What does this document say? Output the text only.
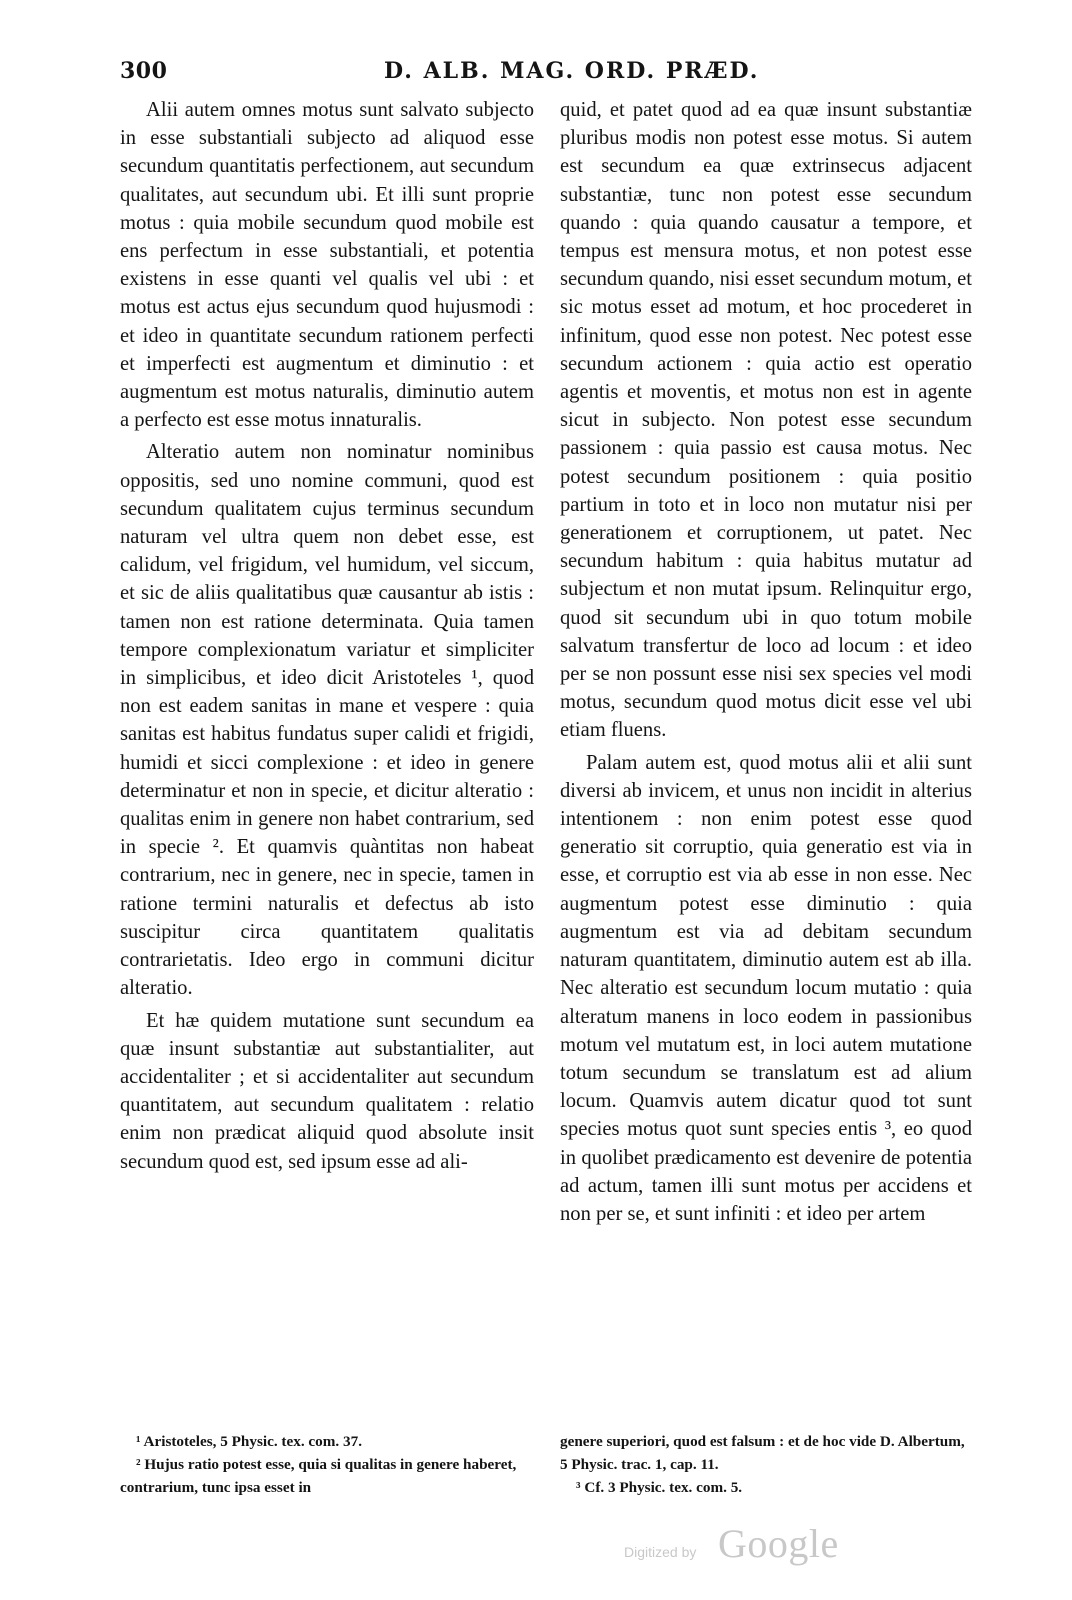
300	D. ALB. MAG. ORD. PRÆD.

Alii autem omnes motus sunt salvato subjecto in esse substantiali subjecto ad aliquod esse secundum quantitatis perfectionem, aut secundum qualitates, aut secundum ubi. Et illi sunt proprie motus : quia mobile secundum quod mobile est ens perfectum in esse substantiali, et potentia existens in esse quanti vel qualis vel ubi : et motus est actus ejus secundum quod hujusmodi : et ideo in quantitate secundum rationem perfecti et imperfecti est augmentum et diminutio : et augmentum est motus naturalis, diminutio autem a perfecto est esse motus innaturalis.

Alteratio autem non nominatur nominibus oppositis, sed uno nomine communi, quod est secundum qualitatem cujus terminus secundum naturam vel ultra quem non debet esse, est calidum, vel frigidum, vel humidum, vel siccum, et sic de aliis qualitatibus quæ causantur ab istis : tamen non est ratione determinata. Quia tamen tempore complexionatum variatur et simpliciter in simplicibus, et ideo dicit Aristoteles ¹, quod non est eadem sanitas in mane et vespere : quia sanitas est habitus fundatus super calidi et frigidi, humidi et sicci complexione : et ideo in genere determinatur et non in specie, et dicitur alteratio : qualitas enim in genere non habet contrarium, sed in specie ². Et quamvis quàntitas non habeat contrarium, nec in genere, nec in specie, tamen in ratione termini naturalis et defectus ab isto suscipitur circa quantitatem qualitatis contrarietatis. Ideo ergo in communi dicitur alteratio.

Et hæ quidem mutatione sunt secundum ea quæ insunt substantiæ aut substantialiter, aut accidentaliter ; et si accidentaliter aut secundum quantitatem, aut secundum qualitatem : relatio enim non prædicat aliquid quod absolute insit secundum quod est, sed ipsum esse ad ali-

quid, et patet quod ad ea quæ insunt substantiæ pluribus modis non potest esse motus. Si autem est secundum ea quæ extrinsecus adjacent substantiæ, tunc non potest esse secundum quando : quia quando causatur a tempore, et tempus est mensura motus, et non potest esse secundum quando, nisi esset secundum motum, et sic motus esset ad motum, et hoc procederet in infinitum, quod esse non potest. Nec potest esse secundum actionem : quia actio est operatio agentis et moventis, et motus non est in agente sicut in subjecto. Non potest esse secundum passionem : quia passio est causa motus. Nec potest secundum positionem : quia positio partium in toto et in loco non mutatur nisi per generationem et corruptionem, ut patet. Nec secundum habitum : quia habitus mutatur ad subjectum et non mutat ipsum. Relinquitur ergo, quod sit secundum ubi in quo totum mobile salvatum transfertur de loco ad locum : et ideo per se non possunt esse nisi sex species vel modi motus, secundum quod motus dicit esse vel ubi etiam fluens.

Palam autem est, quod motus alii et alii sunt diversi ab invicem, et unus non incidit in alterius intentionem : non enim potest esse quod generatio sit corruptio, quia generatio est via in esse, et corruptio est via ab esse in non esse. Nec augmentum potest esse diminutio : quia augmentum est via ad debitam secundum naturam quantitatem, diminutio autem est ab illa. Nec alteratio est secundum locum mutatio : quia alteratum manens in loco eodem in passionibus motum vel mutatum est, in loci autem mutatione totum secundum se translatum est ad alium locum. Quamvis autem dicatur quod tot sunt species motus quot sunt species entis ³, eo quod in quolibet prædicamento est devenire de potentia ad actum, tamen illi sunt motus per accidens et non per se, et sunt infiniti : et ideo per artem

¹ Aristoteles, 5 Physic. tex. com. 37.

² Hujus ratio potest esse, quia si qualitas in genere haberet, contrarium, tunc ipsa esset in

genere superiori, quod est falsum : et de hoc vide D. Albertum, 5 Physic. trac. 1, cap. 11.

³ Cf. 3 Physic. tex. com. 5.

Digitized by Google
